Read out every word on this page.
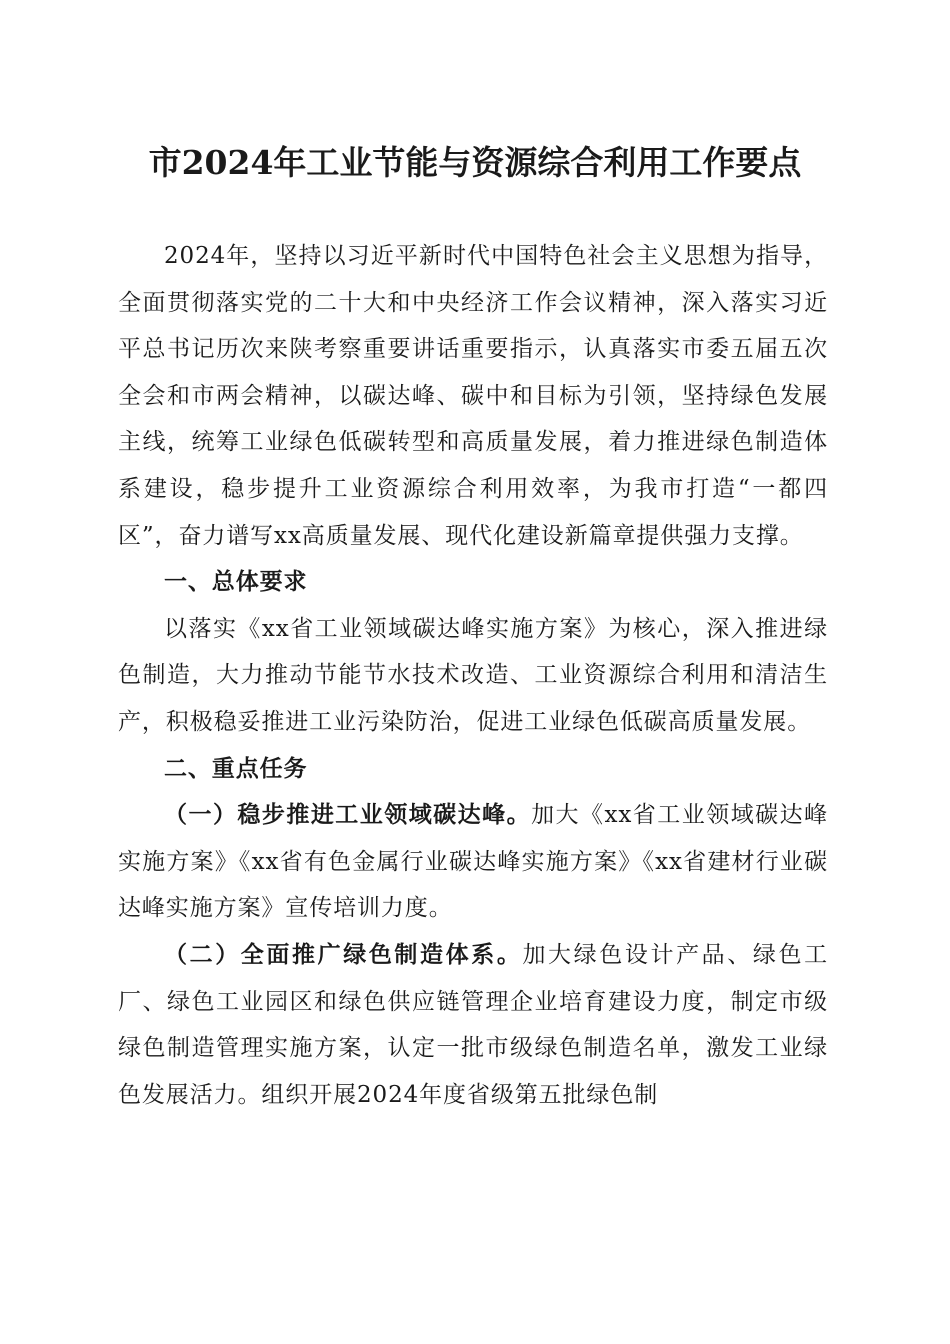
市2024年工业节能与资源综合利用工作要点

2024年，坚持以习近平新时代中国特色社会主义思想为指导，全面贯彻落实党的二十大和中央经济工作会议精神，深入落实习近平总书记历次来陕考察重要讲话重要指示，认真落实市委五届五次全会和市两会精神，以碳达峰、碳中和目标为引领，坚持绿色发展主线，统筹工业绿色低碳转型和高质量发展，着力推进绿色制造体系建设，稳步提升工业资源综合利用效率，为我市打造“一都四区”，奋力谱写xx高质量发展、现代化建设新篇章提供强力支撑。

一、总体要求

以落实《xx省工业领域碳达峰实施方案》为核心，深入推进绿色制造，大力推动节能节水技术改造、工业资源综合利用和清洁生产，积极稳妥推进工业污染防治，促进工业绿色低碳高质量发展。

二、重点任务

（一）稳步推进工业领域碳达峰。加大《xx省工业领域碳达峰实施方案》《xx省有色金属行业碳达峰实施方案》《xx省建材行业碳达峰实施方案》宣传培训力度。

（二）全面推广绿色制造体系。加大绿色设计产品、绿色工厂、绿色工业园区和绿色供应链管理企业培育建设力度，制定市级绿色制造管理实施方案，认定一批市级绿色制造名单，激发工业绿色发展活力。组织开展2024年度省级第五批绿色制
